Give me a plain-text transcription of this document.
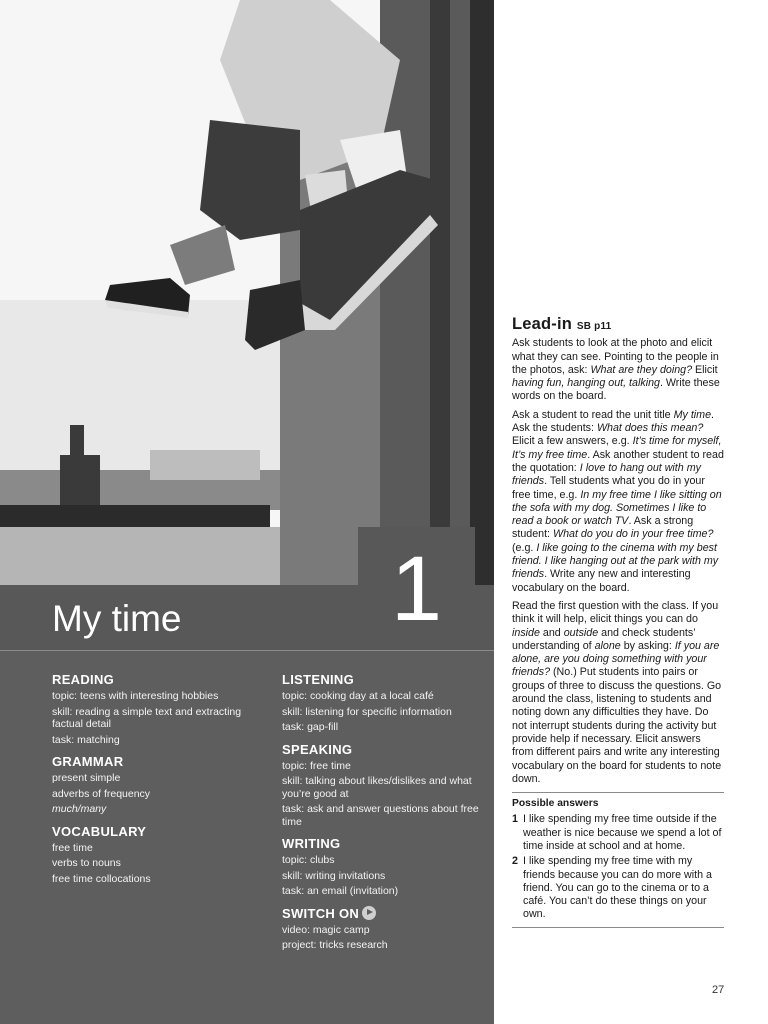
1
My time
READING
topic: teens with interesting hobbies
skill: reading a simple text and extracting factual detail
task: matching
GRAMMAR
present simple
adverbs of frequency
much/many
VOCABULARY
free time
verbs to nouns
free time collocations
LISTENING
topic: cooking day at a local café
skill: listening for specific information
task: gap-fill
SPEAKING
topic: free time
skill: talking about likes/dislikes and what you’re good at
task: ask and answer questions about free time
WRITING
topic: clubs
skill: writing invitations
task: an email (invitation)
SWITCH ON
video: magic camp
project: tricks research
Lead-in SB p11

Ask students to look at the photo and elicit what they can see. Pointing to the people in the photos, ask: What are they doing? Elicit having fun, hanging out, talking. Write these words on the board.

Ask a student to read the unit title My time. Ask the students: What does this mean? Elicit a few answers, e.g. It’s time for myself, It’s my free time. Ask another student to read the quotation: I love to hang out with my friends. Tell students what you do in your free time, e.g. In my free time I like sitting on the sofa with my dog. Sometimes I like to read a book or watch TV. Ask a strong student: What do you do in your free time? (e.g. I like going to the cinema with my best friend. I like hanging out at the park with my friends. Write any new and interesting vocabulary on the board.

Read the first question with the class. If you think it will help, elicit things you can do inside and outside and check students’ understanding of alone by asking: If you are alone, are you doing something with your friends? (No.) Put students into pairs or groups of three to discuss the questions. Go around the class, listening to students and noting down any difficulties they have. Do not interrupt students during the activity but provide help if necessary. Elicit answers from different pairs and write any interesting vocabulary on the board for students to note down.

Possible answers
1 I like spending my free time outside if the weather is nice because we spend a lot of time inside at school and at home.
2 I like spending my free time with my friends because you can do more with a friend. You can go to the cinema or to a café. You can’t do these things on your own.
27
